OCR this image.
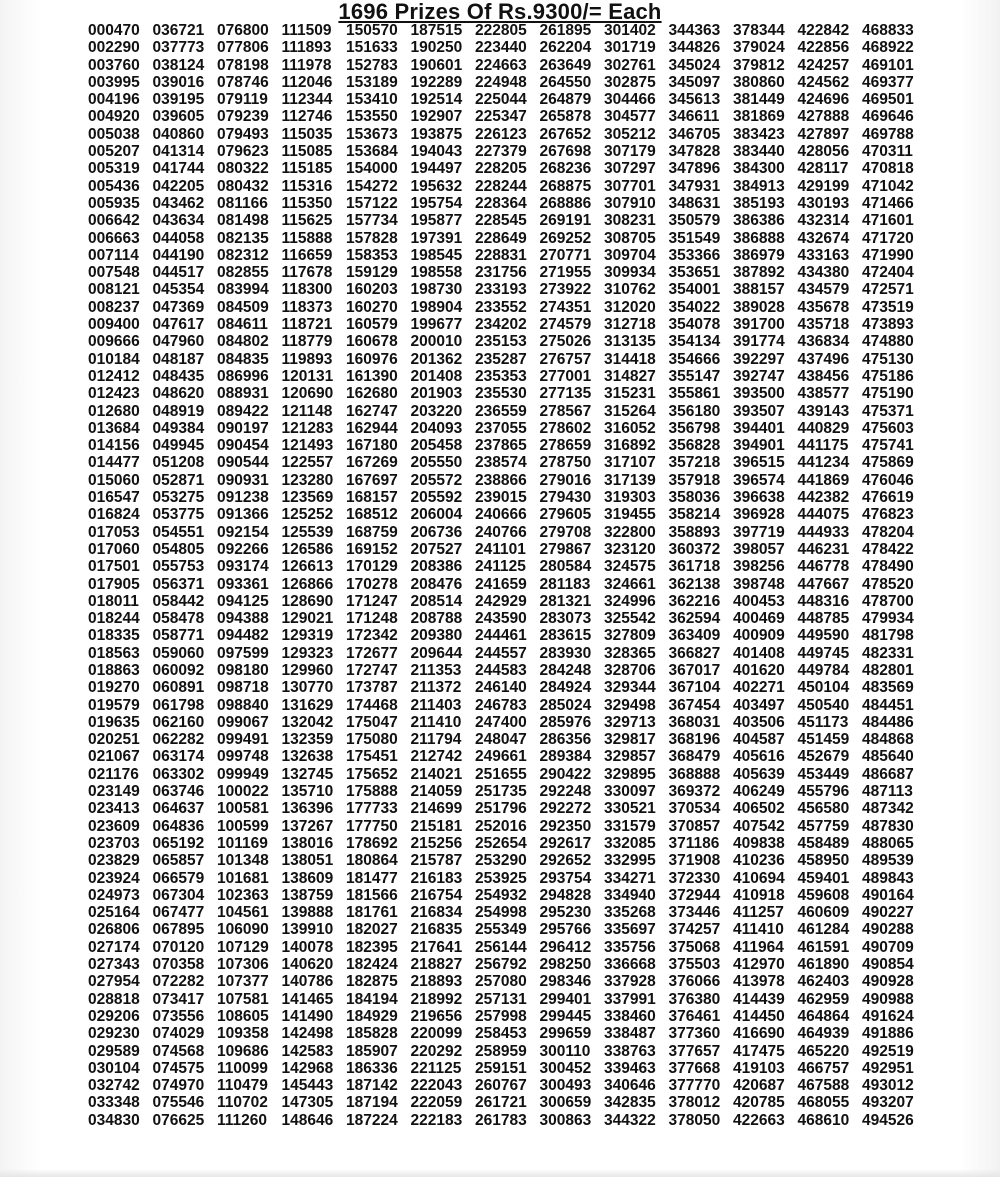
1696 Prizes Of Rs.9300/= Each
000470 036721 076800 111509 150570 187515 222805 261895 301402 344363 378344 422842 468833
002290 037773 077806 111893 151633 190250 223440 262204 301719 344826 379024 422856 468922
003760 038124 078198 111978 152783 190601 224663 263649 302761 345024 379812 424257 469101
003995 039016 078746 112046 153189 192289 224948 264550 302875 345097 380860 424562 469377
004196 039195 079119 112344 153410 192514 225044 264879 304466 345613 381449 424696 469501
004920 039605 079239 112746 153550 192907 225347 265878 304577 346611 381869 427888 469646
005038 040860 079493 115035 153673 193875 226123 267652 305212 346705 383423 427897 469788
005207 041314 079623 115085 153684 194043 227379 267698 307179 347828 383440 428056 470311
005319 041744 080322 115185 154000 194497 228205 268236 307297 347896 384300 428117 470818
005436 042205 080432 115316 154272 195632 228244 268875 307701 347931 384913 429199 471042
005935 043462 081166 115350 157122 195754 228364 268886 307910 348631 385193 430193 471466
006642 043634 081498 115625 157734 195877 228545 269191 308231 350579 386386 432314 471601
006663 044058 082135 115888 157828 197391 228649 269252 308705 351549 386888 432674 471720
007114 044190 082312 116659 158353 198545 228831 270771 309704 353366 386979 433163 471990
007548 044517 082855 117678 159129 198558 231756 271955 309934 353651 387892 434380 472404
008121 045354 083994 118300 160203 198730 233193 273922 310762 354001 388157 434579 472571
008237 047369 084509 118373 160270 198904 233552 274351 312020 354022 389028 435678 473519
009400 047617 084611 118721 160579 199677 234202 274579 312718 354078 391700 435718 473893
009666 047960 084802 118779 160678 200010 235153 275026 313135 354134 391774 436834 474880
010184 048187 084835 119893 160976 201362 235287 276757 314418 354666 392297 437496 475130
012412 048435 086996 120131 161390 201408 235353 277001 314827 355147 392747 438456 475186
012423 048620 088931 120690 162680 201903 235530 277135 315231 355861 393500 438577 475190
012680 048919 089422 121148 162747 203220 236559 278567 315264 356180 393507 439143 475371
013684 049384 090197 121283 162944 204093 237055 278602 316052 356798 394401 440829 475603
014156 049945 090454 121493 167180 205458 237865 278659 316892 356828 394901 441175 475741
014477 051208 090544 122557 167269 205550 238574 278750 317107 357218 396515 441234 475869
015060 052871 090931 123280 167697 205572 238866 279016 317139 357918 396574 441869 476046
016547 053275 091238 123569 168157 205592 239015 279430 319303 358036 396638 442382 476619
016824 053775 091366 125252 168512 206004 240666 279605 319455 358214 396928 444075 476823
017053 054551 092154 125539 168759 206736 240766 279708 322800 358893 397719 444933 478204
017060 054805 092266 126586 169152 207527 241101 279867 323120 360372 398057 446231 478422
017501 055753 093174 126613 170129 208386 241125 280584 324575 361718 398256 446778 478490
017905 056371 093361 126866 170278 208476 241659 281183 324661 362138 398748 447667 478520
018011 058442 094125 128690 171247 208514 242929 281321 324996 362216 400453 448316 478700
018244 058478 094388 129021 171248 208788 243590 283073 325542 362594 400469 448785 479934
018335 058771 094482 129319 172342 209380 244461 283615 327809 363409 400909 449590 481798
018563 059060 097599 129323 172677 209644 244557 283930 328365 366827 401408 449745 482331
018863 060092 098180 129960 172747 211353 244583 284248 328706 367017 401620 449784 482801
019270 060891 098718 130770 173787 211372 246140 284924 329344 367104 402271 450104 483569
019579 061798 098840 131629 174468 211403 246783 285024 329498 367454 403497 450540 484451
019635 062160 099067 132042 175047 211410 247400 285976 329713 368031 403506 451173 484486
020251 062282 099491 132359 175080 211794 248047 286356 329817 368196 404587 451459 484868
021067 063174 099748 132638 175451 212742 249661 289384 329857 368479 405616 452679 485640
021176 063302 099949 132745 175652 214021 251655 290422 329895 368888 405639 453449 486687
023149 063746 100022 135710 175888 214059 251735 292248 330097 369372 406249 455796 487113
023413 064637 100581 136396 177733 214699 251796 292272 330521 370534 406502 456580 487342
023609 064836 100599 137267 177750 215181 252016 292350 331579 370857 407542 457759 487830
023703 065192 101169 138016 178692 215256 252654 292617 332085 371186 409838 458489 488065
023829 065857 101348 138051 180864 215787 253290 292652 332995 371908 410236 458950 489539
023924 066579 101681 138609 181477 216183 253925 293754 334271 372330 410694 459401 489843
024973 067304 102363 138759 181566 216754 254932 294828 334940 372944 410918 459608 490164
025164 067477 104561 139888 181761 216834 254998 295230 335268 373446 411257 460609 490227
026806 067895 106090 139910 182027 216835 255349 295766 335697 374257 411410 461284 490288
027174 070120 107129 140078 182395 217641 256144 296412 335756 375068 411964 461591 490709
027343 070358 107306 140620 182424 218827 256792 298250 336668 375503 412970 461890 490854
027954 072282 107377 140786 182875 218893 257080 298346 337928 376066 413978 462403 490928
028818 073417 107581 141465 184194 218992 257131 299401 337991 376380 414439 462959 490988
029206 073556 108605 141490 184929 219656 257998 299445 338460 376461 414450 464864 491624
029230 074029 109358 142498 185828 220099 258453 299659 338487 377360 416690 464939 491886
029589 074568 109686 142583 185907 220292 258959 300110 338763 377657 417475 465220 492519
030104 074575 110099 142968 186336 221125 259151 300452 339463 377668 419103 466757 492951
032742 074970 110479 145443 187142 222043 260767 300493 340646 377770 420687 467588 493012
033348 075546 110702 147305 187194 222059 261721 300659 342835 378012 420785 468055 493207
034830 076625 111260 148646 187224 222183 261783 300863 344322 378050 422663 468610 494526
